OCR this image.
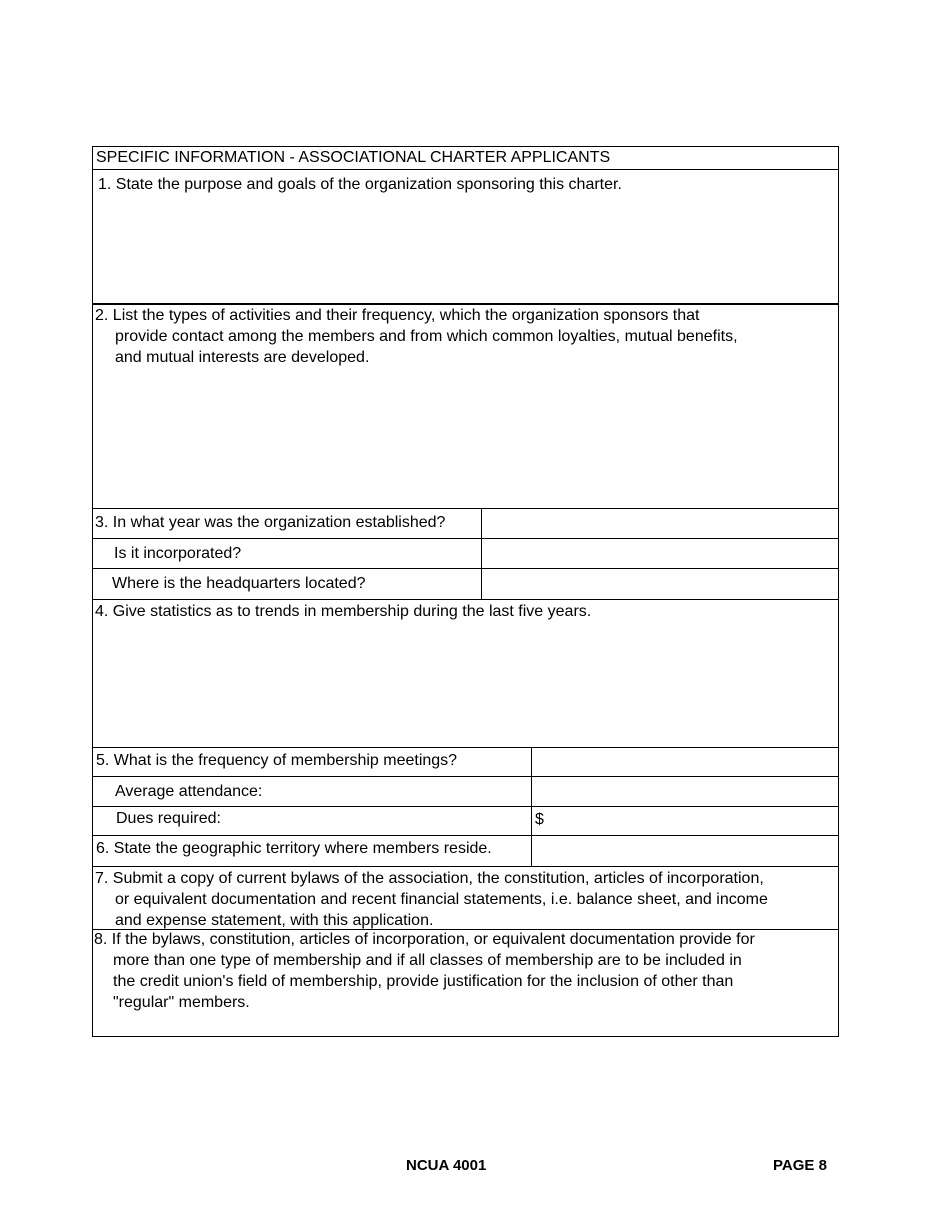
SPECIFIC INFORMATION - ASSOCIATIONAL CHARTER APPLICANTS
1. State the purpose and goals of the organization sponsoring this charter.
2. List the types of activities and their frequency, which the organization sponsors that
provide contact among the members and from which common loyalties, mutual benefits,
and mutual interests are developed.
3. In what year was the organization established?
Is it incorporated?
Where is the headquarters located?
4. Give statistics as to trends in membership during the last five years.
5. What is the frequency of membership meetings?
Average attendance:
Dues required:	$
6. State the geographic territory where members reside.
7. Submit a copy of current bylaws of the association, the constitution, articles of incorporation,
or equivalent documentation and recent financial statements, i.e. balance sheet, and income
and expense statement, with this application.
8. If the bylaws, constitution, articles of incorporation, or equivalent documentation provide for
more than one type of membership and if all classes of membership are to be included in
the credit union's field of membership, provide justification for the inclusion of other than
"regular" members.
NCUA 4001	PAGE 8
